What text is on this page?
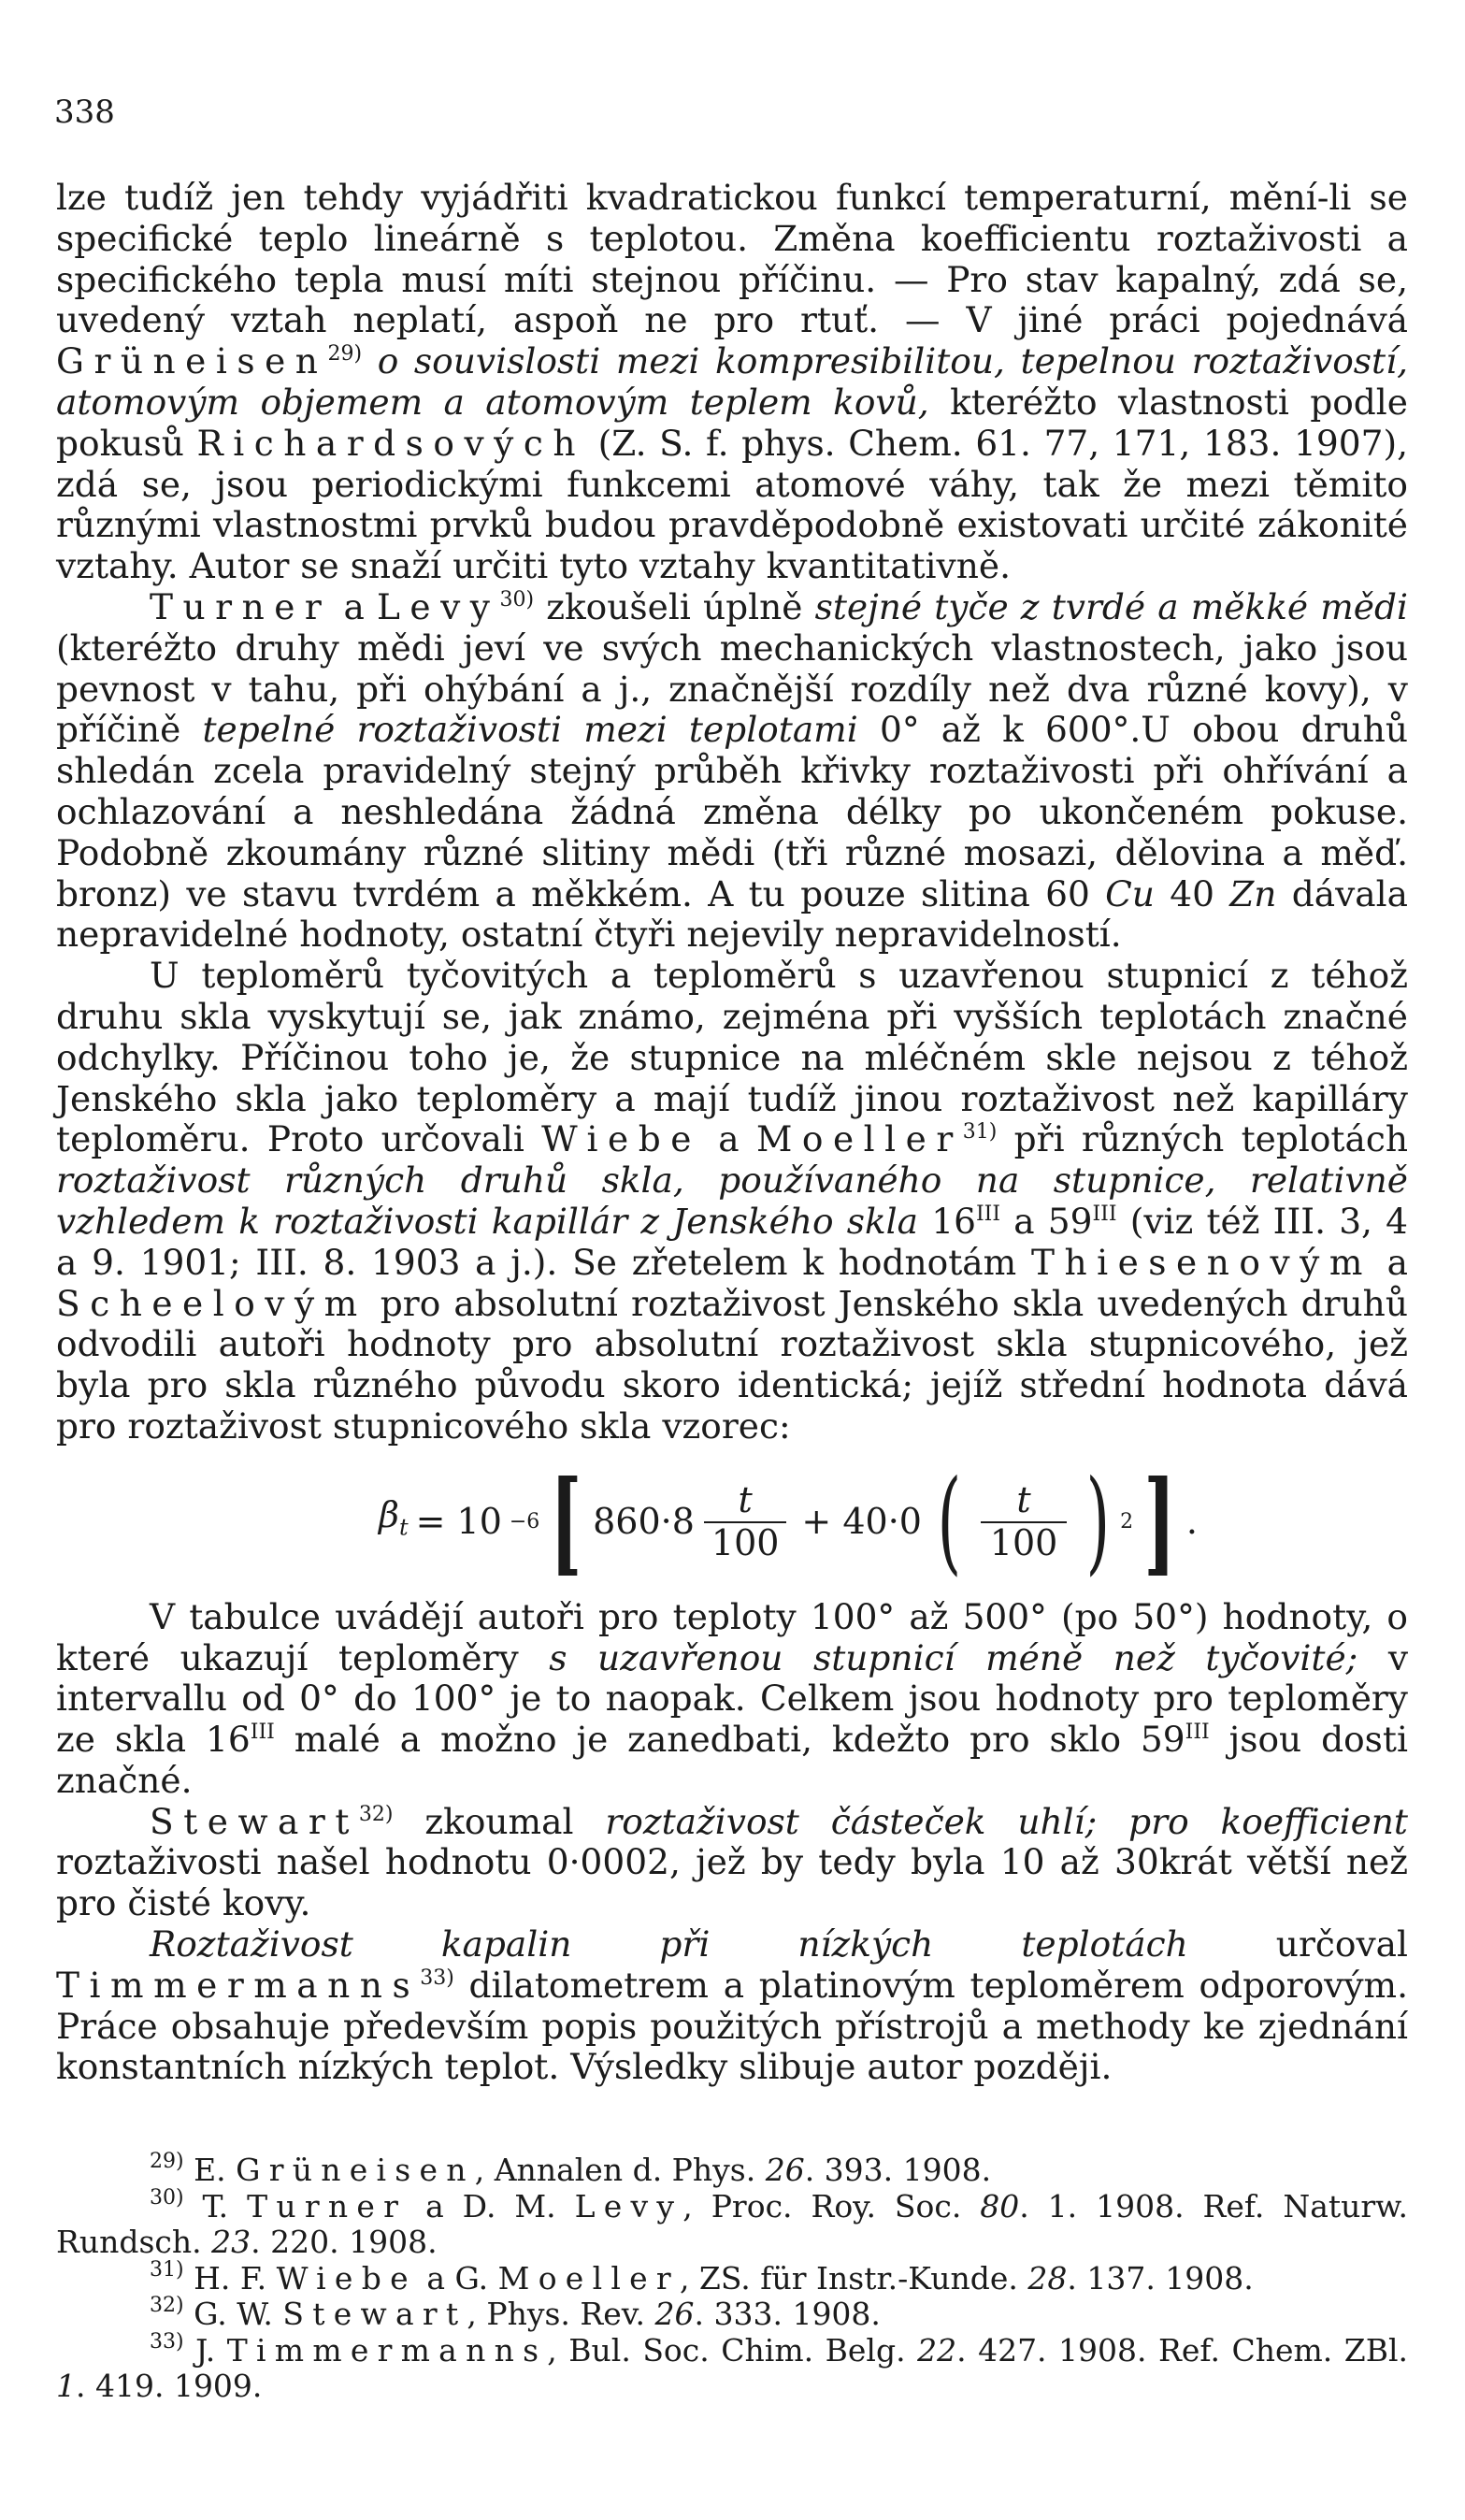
338

lze tudíž jen tehdy vyjádřiti kvadratickou funkcí temperaturní, mění-li se specifické teplo lineárně s teplotou. Změna koefficientu roztaživosti a specifického tepla musí míti stejnou příčinu. — Pro stav kapalný, zdá se, uvedený vztah neplatí, aspoň ne pro rtuť. — V jiné práci pojednává Grüneisen$^{29)}$ o souvislosti mezi kompresibilitou, tepelnou roztaživostí, atomovým objemem a atomovým teplem kovů, kteréžto vlastnosti podle pokusů Richardsových (Z. S. f. phys. Chem. 61. 77, 171, 183. 1907), zdá se, jsou periodickými funkcemi atomové váhy, tak že mezi těmito různými vlastnostmi prvků budou pravděpodobně existovati určité zákonité vztahy. Autor se snaží určiti tyto vztahy kvantitativně.

Turner a Levy$^{30)}$ zkoušeli úplně stejné tyče z tvrdé a měkké mědi (kteréžto druhy mědi jeví ve svých mechanických vlastnostech, jako jsou pevnost v tahu, při ohýbání a j., značnější rozdíly než dva různé kovy), v příčině tepelné roztaživosti mezi teplotami 0° až k 600°.U obou druhů shledán zcela pravidelný stejný průběh křivky roztaživosti při ohřívání a ochlazování a neshledána žádná změna délky po ukončeném pokuse. Podobně zkoumány různé slitiny mědi (tři různé mosazi, dělovina a měď. bronz) ve stavu tvrdém a měkkém. A tu pouze slitina 60 Cu 40 Zn dávala nepravidelné hodnoty, ostatní čtyři nejevily nepravidelností.

U teploměrů tyčovitých a teploměrů s uzavřenou stupnicí z téhož druhu skla vyskytují se, jak známo, zejména při vyšších teplotách značné odchylky. Příčinou toho je, že stupnice na mléčném skle nejsou z téhož Jenského skla jako teploměry a mají tudíž jinou roztaživost než kapilláry teploměru. Proto určovali Wiebe a Moeller$^{31)}$ při různých teplotách roztaživost různých druhů skla, používaného na stupnice, relativně vzhledem k roztaživosti kapillár z Jenského skla $16^{III}$ a $59^{III}$ (viz též III. 3, 4 a 9. 1901; III. 8. 1903 a j.). Se zřetelem k hodnotám Thiesenovým a Scheelovým pro absolutní roztaživost Jenského skla uvedených druhů odvodili autoři hodnoty pro absolutní roztaživost skla stupnicového, jež byla pro skla různého původu skoro identická; jejíž střední hodnota dává pro roztaživost stupnicového skla vzorec:

$\beta_t = 10 -6$ [ $860\cdot 8 \frac{t}{100} + 40\cdot 0$ ( $\frac{t}{100}$ ) 2 ] .

V tabulce uvádějí autoři pro teploty 100° až 500° (po 50°) hodnoty, o které ukazují teploměry s uzavřenou stupnicí méně než tyčovité; v intervallu od 0° do 100° je to naopak. Celkem jsou hodnoty pro teploměry ze skla $16^{III}$ malé a možno je zanedbati, kdežto pro sklo $59^{III}$ jsou dosti značné.

Stewart$^{32)}$ zkoumal roztaživost částeček uhlí; pro koefficient roztaživosti našel hodnotu 0·0002, jež by tedy byla 10 až 30krát větší než pro čisté kovy.

Roztaživost kapalin při nízkých teplotách určoval Timmermanns$^{33)}$ dilatometrem a platinovým teploměrem odporovým. Práce obsahuje především popis použitých přístrojů a methody ke zjednání konstantních nízkých teplot. Výsledky slibuje autor později.

$^{29)}$ E. Grüneisen, Annalen d. Phys. 26. 393. 1908.

$^{30)}$ T. Turner a D. M. Levy, Proc. Roy. Soc. 80. 1. 1908. Ref. Naturw. Rundsch. 23. 220. 1908.

$^{31)}$ H. F. Wiebe a G. Moeller, ZS. für Instr.-Kunde. 28. 137. 1908.

$^{32)}$ G. W. Stewart, Phys. Rev. 26. 333. 1908.

$^{33)}$ J. Timmermanns, Bul. Soc. Chim. Belg. 22. 427. 1908. Ref. Chem. ZBl. 1. 419. 1909.
